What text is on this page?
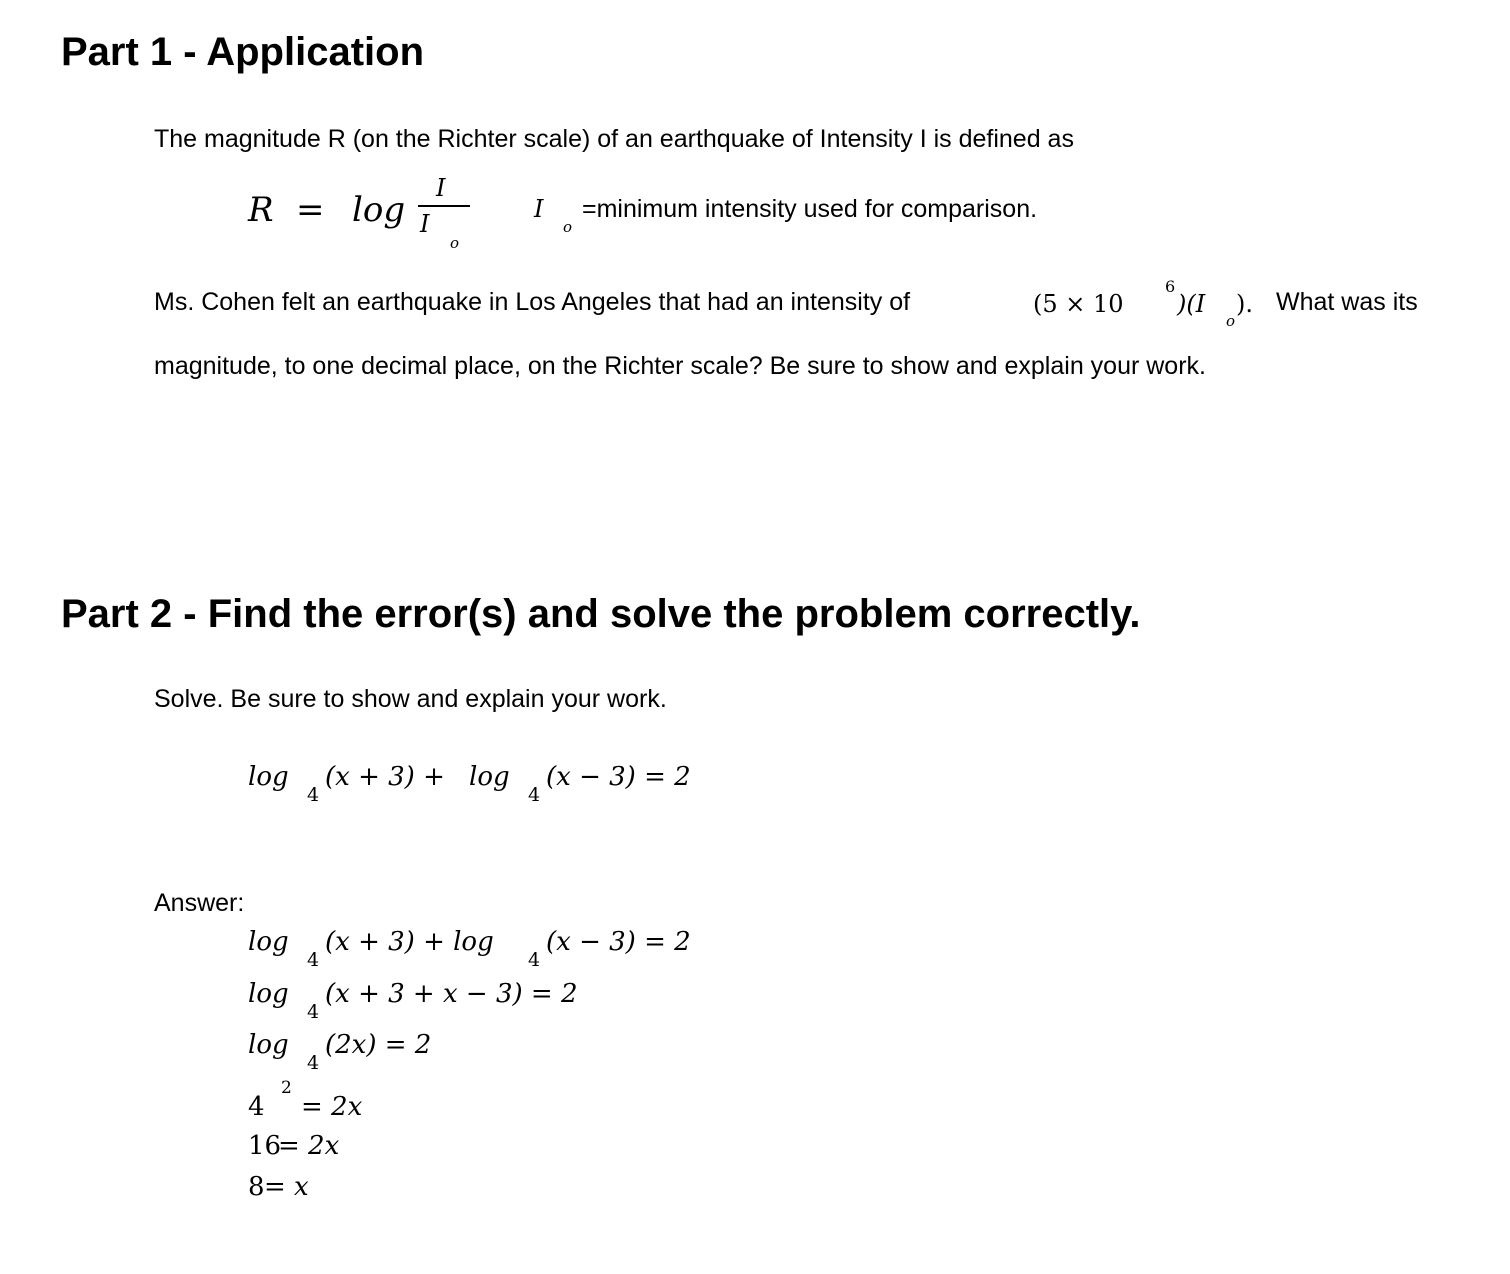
Part 1 - Application

The magnitude R (on the Richter scale) of an earthquake of Intensity I is defined as

R = log
I
I
o
I
o
=minimum intensity used for comparison.
Ms. Cohen felt an earthquake in Los Angeles that had an intensity of	(5 × 10
6
)(I
o
). What was its

magnitude, to one decimal place, on the Richter scale? Be sure to show and explain your work.

Part 2 - Find the error(s) and solve the problem correctly.

Solve. Be sure to show and explain your work.

log
4
(x + 3) + log
4
(x − 3) = 2

Answer:

log
4
(x + 3) + log
4
(x − 3) = 2
log
4
(x + 3 + x − 3) = 2
log
4
(2x) = 2
4
2
= 2x
16
= 2x
8 = x
